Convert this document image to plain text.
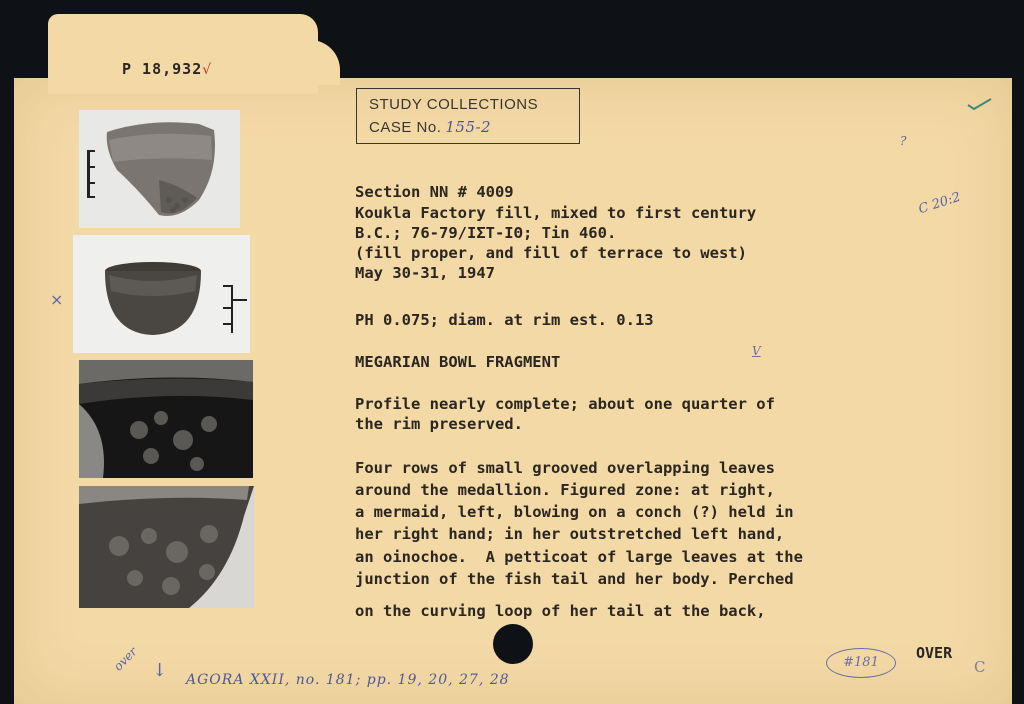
P 18,932√
STUDY COLLECTIONS
CASE No. 155-2
Section NN # 4009
Koukla Factory fill, mixed to first century
B.C.; 76-79/ΙΣΤ-ΙΘ; Tin 460.
(fill proper, and fill of terrace to west)
May 30-31, 1947
PH 0.075; diam. at rim est. 0.13
MEGARIAN BOWL FRAGMENT
V
Profile nearly complete; about one quarter of
the rim preserved.
Four rows of small grooved overlapping leaves
around the medallion. Figured zone: at right,
a mermaid, left, blowing on a conch (?) held in
her right hand; in her outstretched left hand,
an oinochoe.  A petticoat of large leaves at the
junction of the fish tail and her body. Perched
on the curving loop of her tail at the back,
C 20:2
?
×
over ↓ AGORA XXII, no. 181; pp. 19, 20, 27, 28
#181	C
OVER
